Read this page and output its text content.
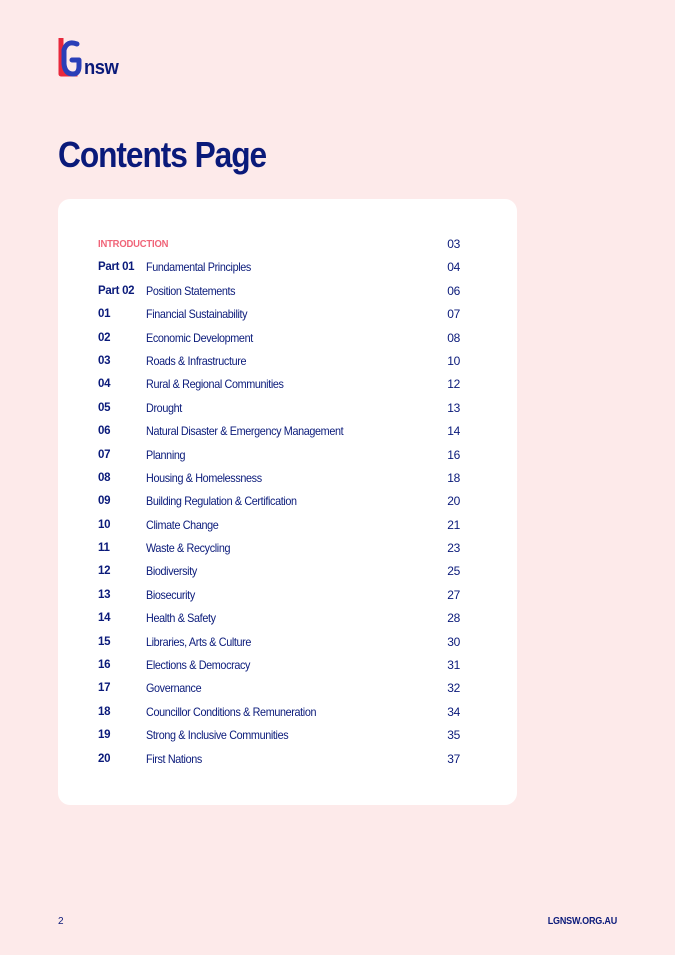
nsw
Contents Page
INTRODUCTION	03
Part 01 Fundamental Principles	04
Part 02 Position Statements	06
01	Financial Sustainability	07
02	Economic Development	08
03	Roads & Infrastructure	10
04	Rural & Regional Communities	12
05	Drought	13
06	Natural Disaster & Emergency Management	14
07	Planning	16
08	Housing & Homelessness	18
09	Building Regulation & Certification	20
10	Climate Change	21
11	Waste & Recycling	23
12	Biodiversity	25
13	Biosecurity	27
14	Health & Safety	28
15	Libraries, Arts & Culture	30
16	Elections & Democracy	31
17	Governance	32
18	Councillor Conditions & Remuneration	34
19	Strong & Inclusive Communities	35
20	First Nations	37
2	LGNSW.ORG.AU
